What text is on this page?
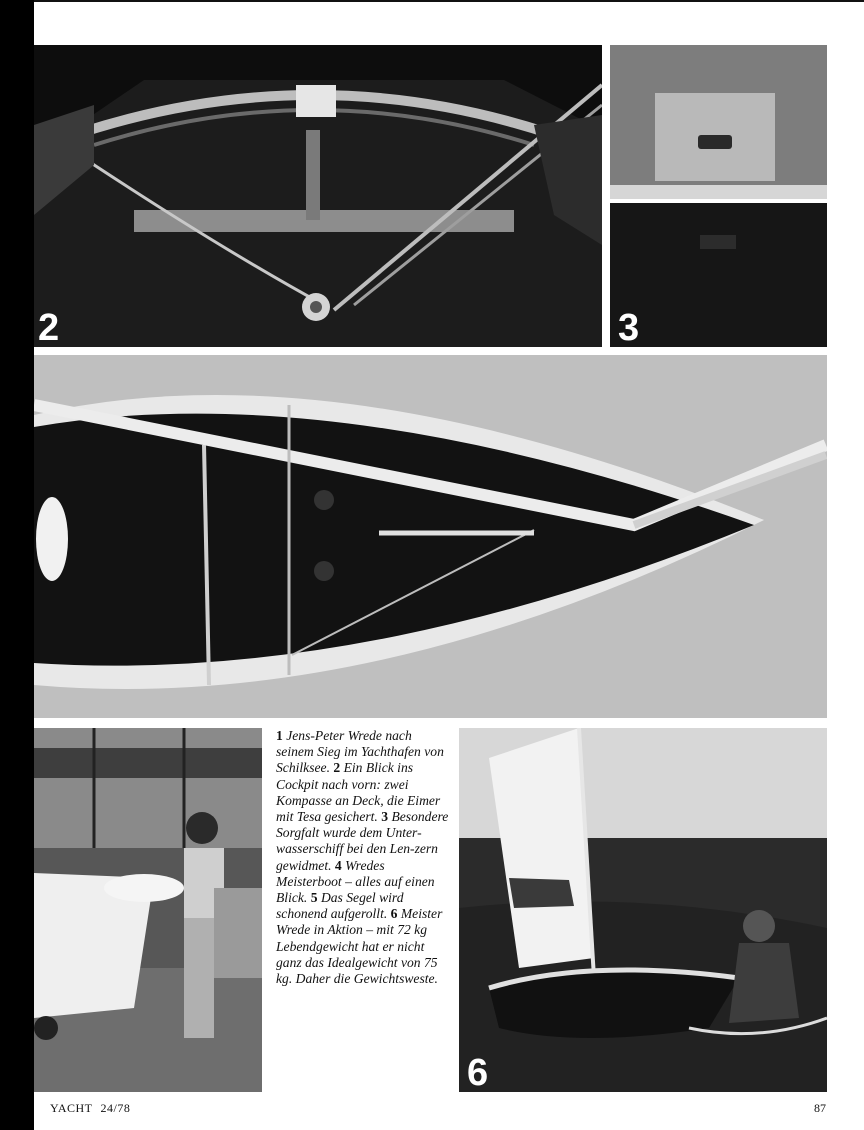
2	3
1 Jens-Peter Wrede nach seinem Sieg im Yachthafen von Schilksee. 2 Ein Blick ins Cockpit nach vorn: zwei Kompasse an Deck, die Eimer mit Tesa gesichert. 3 Besondere Sorgfalt wurde dem Unter-wasserschiff bei den Len-zern gewidmet. 4 Wredes Meisterboot – alles auf einen Blick. 5 Das Segel wird schonend aufgerollt. 6 Meister Wrede in Aktion – mit 72 kg Lebendgewicht hat er nicht ganz das Idealgewicht von 75 kg. Daher die Gewichtsweste.
6
YACHT 24/78	87
